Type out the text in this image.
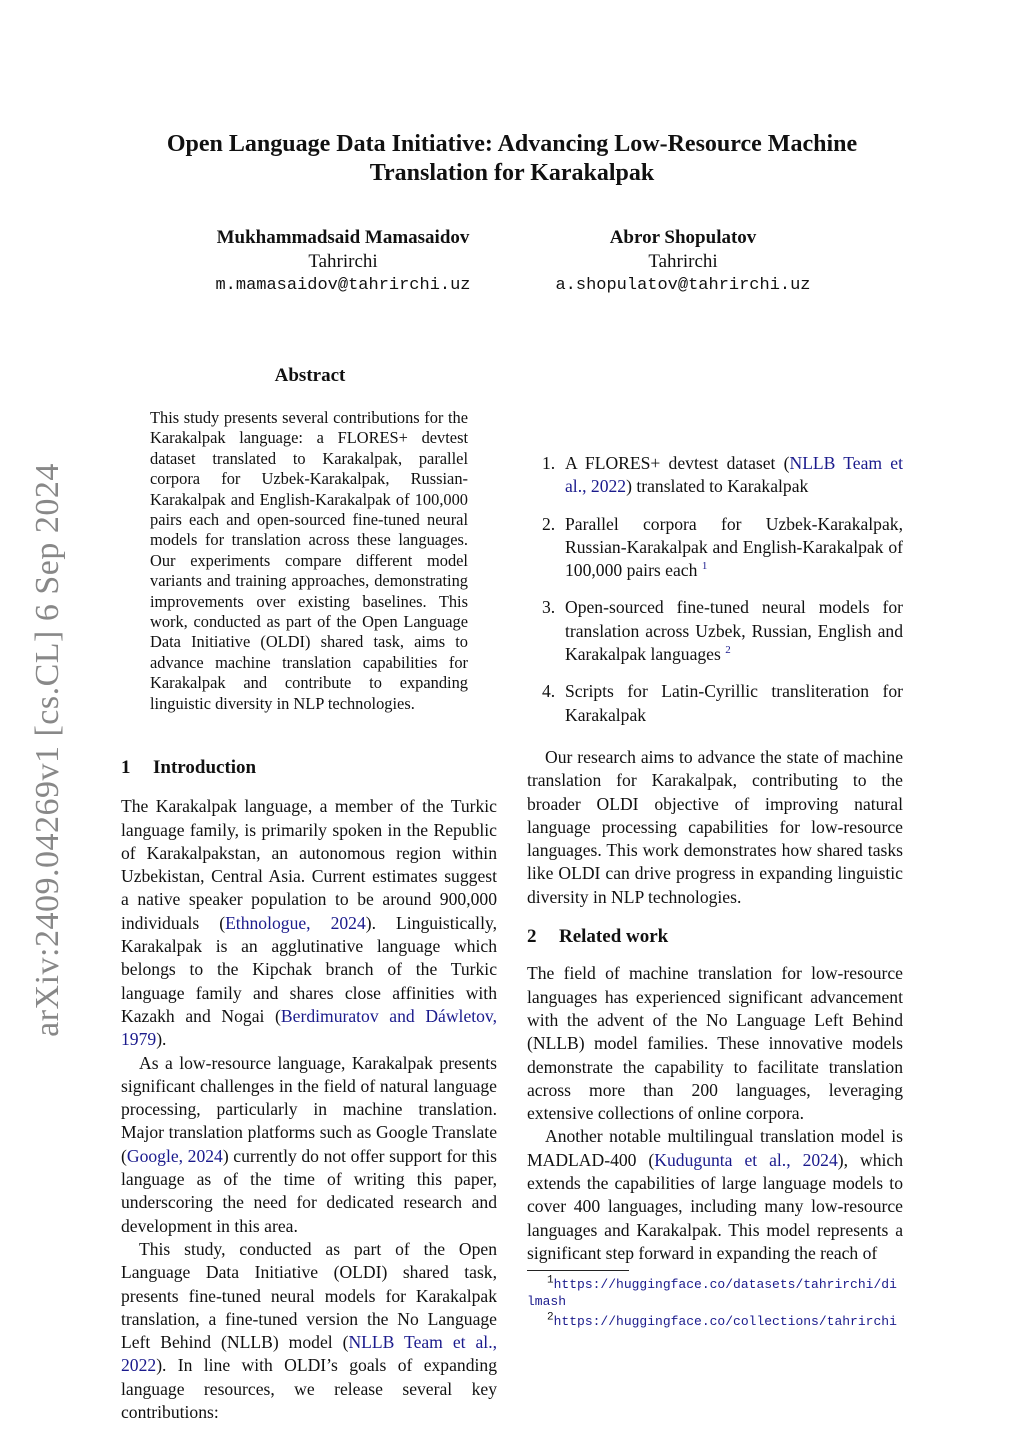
arXiv:2409.04269v1 [cs.CL] 6 Sep 2024
Open Language Data Initiative: Advancing Low-Resource Machine Translation for Karakalpak
Mukhammadsaid Mamasaidov
Tahrirchi
m.mamasaidov@tahrirchi.uz
Abror Shopulatov
Tahrirchi
a.shopulatov@tahrirchi.uz
Abstract
This study presents several contributions for the Karakalpak language: a FLORES+ devtest dataset translated to Karakalpak, parallel corpora for Uzbek-Karakalpak, Russian-Karakalpak and English-Karakalpak of 100,000 pairs each and open-sourced fine-tuned neural models for translation across these languages. Our experiments compare different model variants and training approaches, demonstrating improvements over existing baselines. This work, conducted as part of the Open Language Data Initiative (OLDI) shared task, aims to advance machine translation capabilities for Karakalpak and contribute to expanding linguistic diversity in NLP technologies.
1 Introduction

The Karakalpak language, a member of the Turkic language family, is primarily spoken in the Republic of Karakalpakstan, an autonomous region within Uzbekistan, Central Asia. Current estimates suggest a native speaker population to be around 900,000 individuals (Ethnologue, 2024). Linguistically, Karakalpak is an agglutinative language which belongs to the Kipchak branch of the Turkic language family and shares close affinities with Kazakh and Nogai (Berdimuratov and Dáwletov, 1979).

As a low-resource language, Karakalpak presents significant challenges in the field of natural language processing, particularly in machine translation. Major translation platforms such as Google Translate (Google, 2024) currently do not offer support for this language as of the time of writing this paper, underscoring the need for dedicated research and development in this area.

This study, conducted as part of the Open Language Data Initiative (OLDI) shared task, presents fine-tuned neural models for Karakalpak translation, a fine-tuned version the No Language Left Behind (NLLB) model (NLLB Team et al., 2022). In line with OLDI’s goals of expanding language resources, we release several key contributions:

1. A FLORES+ devtest dataset (NLLB Team et al., 2022) translated to Karakalpak
2. Parallel corpora for Uzbek-Karakalpak, Russian-Karakalpak and English-Karakalpak of 100,000 pairs each $^1$
3. Open-sourced fine-tuned neural models for translation across Uzbek, Russian, English and Karakalpak languages $^2$
4. Scripts for Latin-Cyrillic transliteration for Karakalpak

Our research aims to advance the state of machine translation for Karakalpak, contributing to the broader OLDI objective of improving natural language processing capabilities for low-resource languages. This work demonstrates how shared tasks like OLDI can drive progress in expanding linguistic diversity in NLP technologies.

2 Related work

The field of machine translation for low-resource languages has experienced significant advancement with the advent of the No Language Left Behind (NLLB) model families. These innovative models demonstrate the capability to facilitate translation across more than 200 languages, leveraging extensive collections of online corpora.

Another notable multilingual translation model is MADLAD-400 (Kudugunta et al., 2024), which extends the capabilities of large language models to cover 400 languages, including many low-resource languages and Karakalpak. This model represents a significant step forward in expanding the reach of

$^1$https://huggingface.co/datasets/tahrirchi/dilmash
$^2$https://huggingface.co/collections/tahrirchi
